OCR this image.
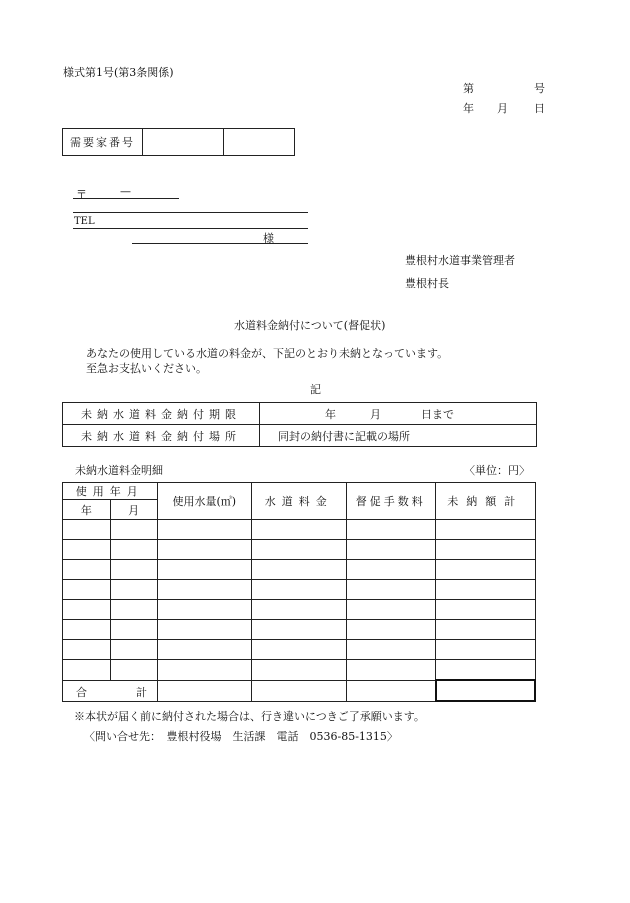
様式第1号(第3条関係)
第	号
年 月 日
需要家番号		
〒	—
TEL
様
豊根村水道事業管理者
豊根村長
水道料金納付について(督促状)
あなたの使用している水道の料金が、下記のとおり未納となっています。
至急お支払いください。
記
未納水道料金納付期限	年 月 日まで

未納水道料金納付場所	同封の納付書に記載の場所
未納水道料金明細	〈単位：円〉
使用年月		使用水量(㎥)	水道料金	督促手数料	未納額計
年	月				

合 計					

※本状が届く前に納付された場合は、行き違いにつきご了承願います。
〈問い合せ先：　豊根村役場　生活課　電話　0536-85-1315〉
